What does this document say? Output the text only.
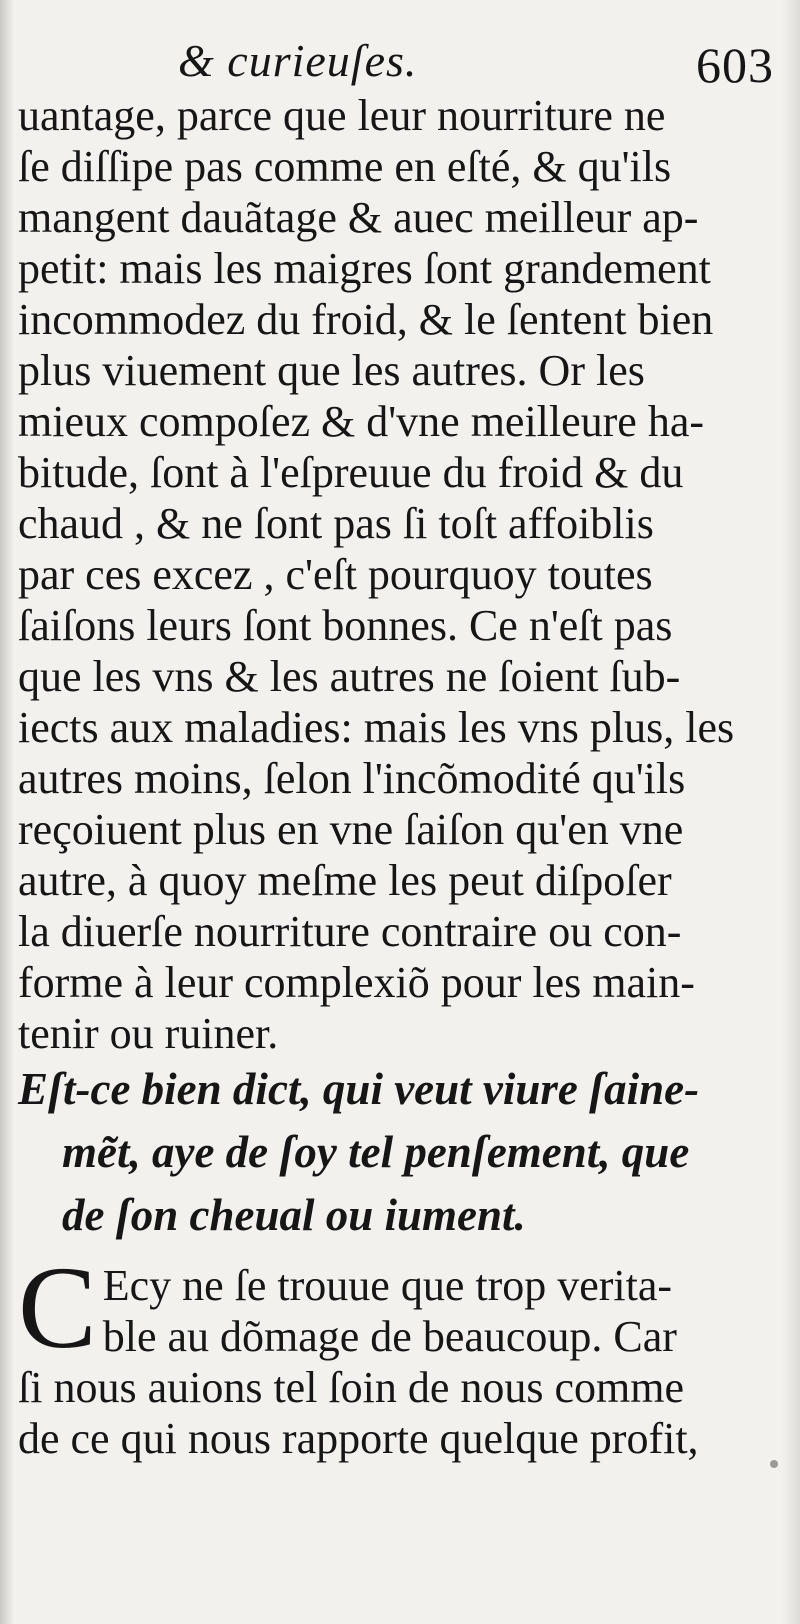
& curieuſes.	603
uantage, parce que leur nourriture ne
ſe diſſipe pas comme en eſté, & qu'ils
mangent dauãtage & auec meilleur ap-
petit: mais les maigres ſont grandement
incommodez du froid, & le ſentent bien
plus viuement que les autres. Or les
mieux compoſez & d'vne meilleure ha-
bitude, ſont à l'eſpreuue du froid & du
chaud , & ne ſont pas ſi toſt affoiblis
par ces excez , c'eſt pourquoy toutes
ſaiſons leurs ſont bonnes. Ce n'eſt pas
que les vns & les autres ne ſoient ſub-
iects aux maladies: mais les vns plus, les
autres moins, ſelon l'incõmodité qu'ils
reçoiuent plus en vne ſaiſon qu'en vne
autre, à quoy meſme les peut diſpoſer
la diuerſe nourriture contraire ou con-
forme à leur complexiõ pour les main-
tenir ou ruiner.
Eſt-ce bien dict, qui veut viure ſaine-
mẽt, aye de ſoy tel penſement, que
de ſon cheual ou iument.
C Ecy ne ſe trouue que trop verita-
ble au dõmage de beaucoup. Car
ſi nous auions tel ſoin de nous comme
de ce qui nous rapporte quelque profit,
